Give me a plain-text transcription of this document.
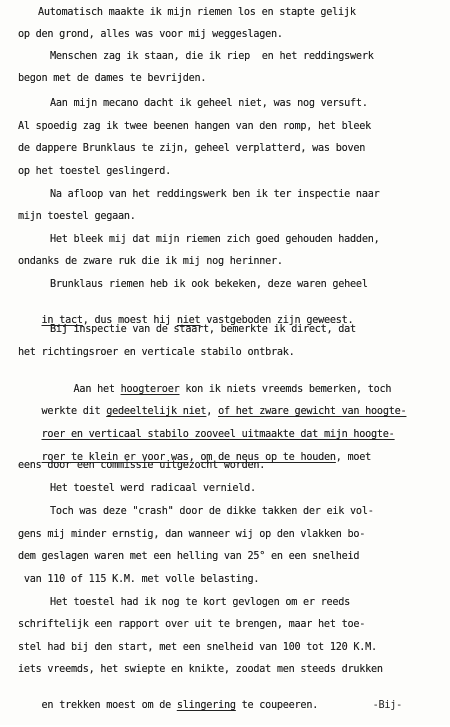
Automatisch maakte ik mijn riemen los en stapte gelijk
op den grond, alles was voor mij weggeslagen.
Menschen zag ik staan, die ik riep  en het reddingswerk
begon met de dames te bevrijden.
Aan mijn mecano dacht ik geheel niet, was nog versuft.
Al spoedig zag ik twee beenen hangen van den romp, het bleek
de dappere Brunklaus te zijn, geheel verplatterd, was boven
op het toestel geslingerd.
Na afloop van het reddingswerk ben ik ter inspectie naar
mijn toestel gegaan.
Het bleek mij dat mijn riemen zich goed gehouden hadden,
ondanks de zware ruk die ik mij nog herinner.
Brunklaus riemen heb ik ook bekeken, deze waren geheel

in tact, dus moest hij niet vastgeboden zijn geweest.

Bij inspectie van de staart, bemerkte ik direct, dat
het richtingsroer en verticale stabilo ontbrak.

Aan het hoogteroer kon ik niets vreemds bemerken, toch

werkte dit gedeeltelijk niet, of het zware gewicht van hoogte-

roer en verticaal stabilo zooveel uitmaakte dat mijn hoogte-

roer te klein er voor was, om de neus op te houden, moet

eens door een commissie uitgezocht worden.
Het toestel werd radicaal vernield.
Toch was deze "crash" door de dikke takken der eik vol-
gens mij minder ernstig, dan wanneer wij op den vlakken bo-
dem geslagen waren met een helling van 25° en een snelheid
van 110 of 115 K.M. met volle belasting.
Het toestel had ik nog te kort gevlogen om er reeds
schriftelijk een rapport over uit te brengen, maar het toe-
stel had bij den start, met een snelheid van 100 tot 120 K.M.
iets vreemds, het swiepte en knikte, zoodat men steeds drukken

en trekken moest om de slingering te coupeeren.
	-Bij-
